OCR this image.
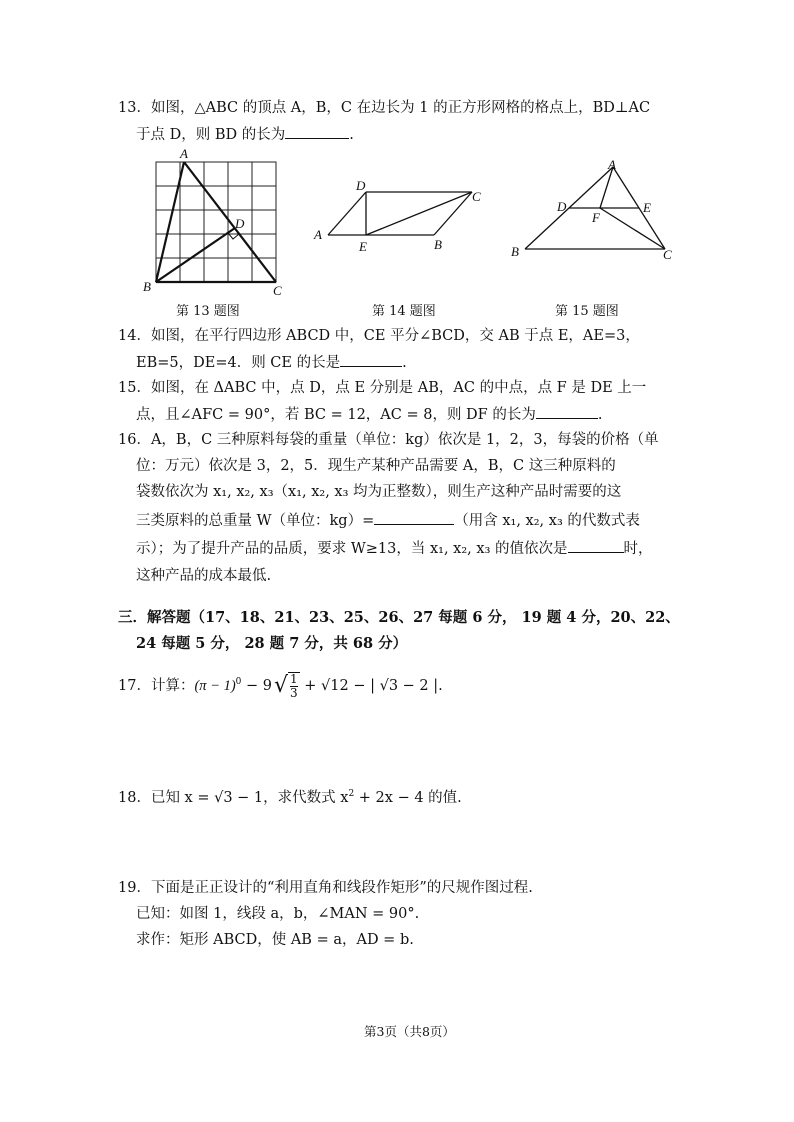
13．如图，△ABC 的顶点 A，B，C 在边长为 1 的正方形网格的格点上，BD⊥AC
于点 D，则 BD 的长为	.
A
B	C
D
A
D
C
E	B
A
D	E
F
B	C
第 13 题图	第 14 题图	第 15 题图
14．如图，在平行四边形 ABCD 中，CE 平分∠BCD，交 AB 于点 E，AE=3，
EB=5，DE=4．则 CE 的长是	.
15．如图，在 ΔABC 中，点 D，点 E 分别是 AB，AC 的中点，点 F 是 DE 上一
点，且∠AFC = 90°，若 BC = 12，AC = 8，则 DF 的长为	.
16．A，B，C 三种原料每袋的重量（单位：kg）依次是 1，2，3，每袋的价格（单
位：万元）依次是 3，2，5．现生产某种产品需要 A，B，C 这三种原料的
袋数依次为 x₁, x₂, x₃（x₁, x₂, x₃ 均为正整数），则生产这种产品时需要的这
三类原料的总重量 W（单位：kg）=	（用含 x₁, x₂, x₃ 的代数式表
示）；为了提升产品的品质，要求 W≥13，当 x₁, x₂, x₃ 的值依次是	时，
这种产品的成本最低.
三．解答题（17、18、21、23、25、26、27 每题 6 分， 19 题 4 分，20、22、
24 每题 5 分， 28 题 7 分，共 68 分）
17．计算：$(\pi - 1)^0 - 9√ \frac{1}{3} + √12$ − | √3 − 2 |.
18．已知 x = √3 − 1，求代数式 $x^2 + 2x - 4$ 的值.
19．下面是正正设计的“利用直角和线段作矩形”的尺规作图过程.
已知：如图 1，线段 a，b，∠MAN = 90°.
求作：矩形 ABCD，使 AB = a，AD = b.
第3页（共8页）
